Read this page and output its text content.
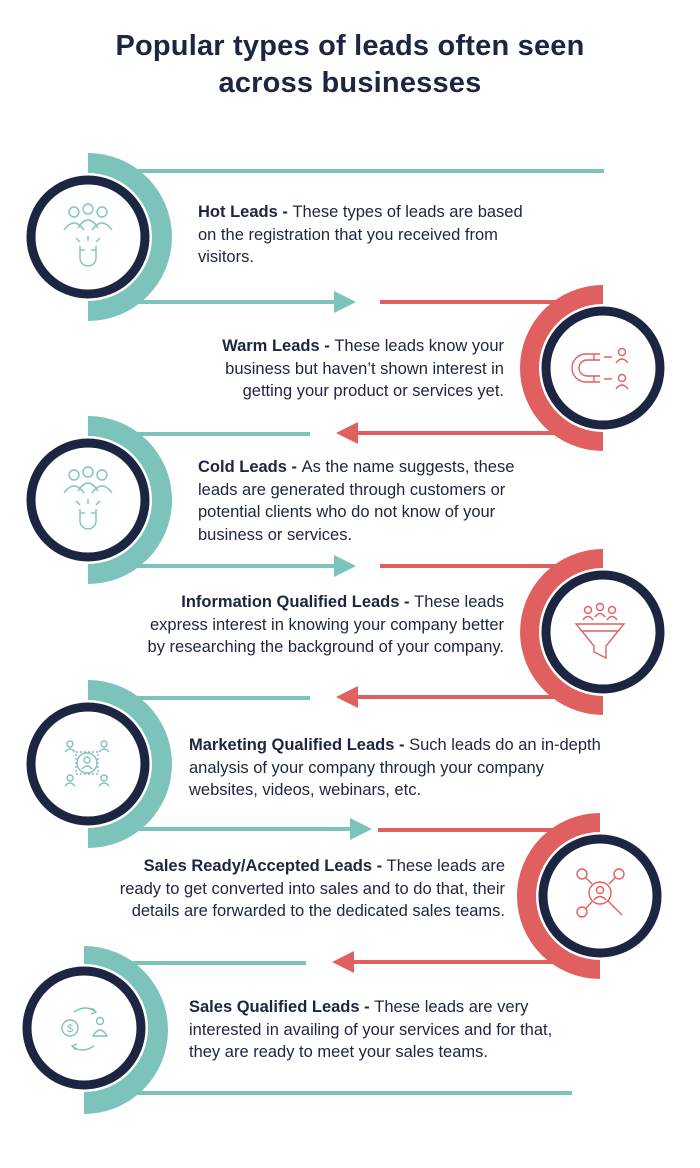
Popular types of leads often seen
across businesses
$
Hot Leads - These types of leads are based on the registration that you received from visitors.
Warm Leads - These leads know your business but haven’t shown interest in getting your product or services yet.
Cold Leads - As the name suggests, these leads are generated through customers or potential clients who do not know of your business or services.
Information Qualified Leads - These leads express interest in knowing your company better by researching the background of your company.
Marketing Qualified Leads - Such leads do an in-depth analysis of your company through your company websites, videos, webinars, etc.
Sales Ready/Accepted Leads - These leads are ready to get converted into sales and to do that, their details are forwarded to the dedicated sales teams.
Sales Qualified Leads - These leads are very interested in availing of your services and for that, they are ready to meet your sales teams.
